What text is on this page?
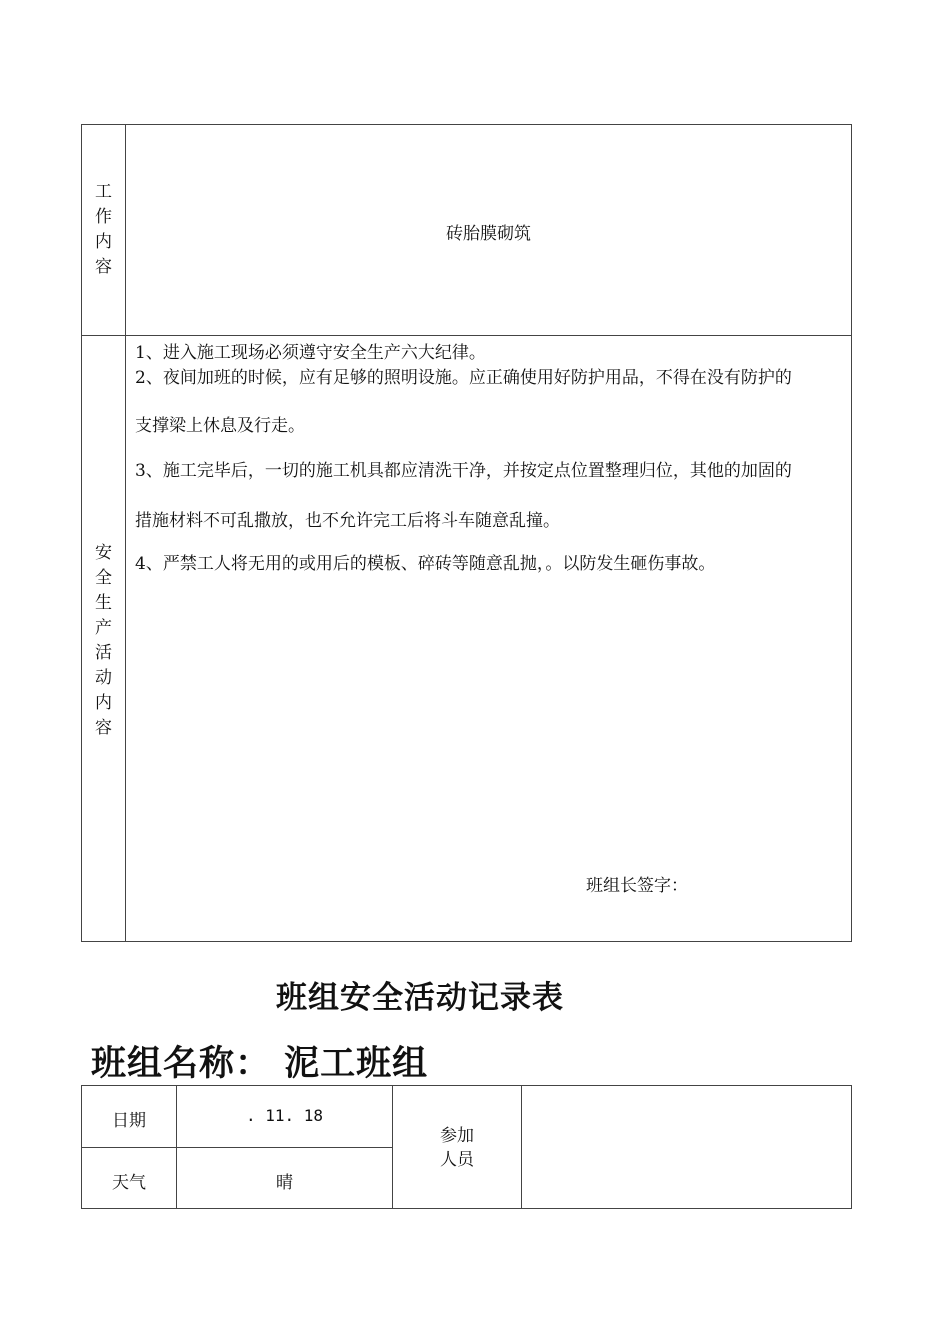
工
作
内
容
砖胎膜砌筑
安
全
生
产
活
动
内
容
1、进入施工现场必须遵守安全生产六大纪律。
2、夜间加班的时候，应有足够的照明设施。应正确使用好防护用品，不得在没有防护的
支撑梁上休息及行走。
3、施工完毕后，一切的施工机具都应清洗干净，并按定点位置整理归位，其他的加固的
措施材料不可乱撒放，也不允许完工后将斗车随意乱撞。
4、严禁工人将无用的或用后的模板、碎砖等随意乱抛，。以防发生砸伤事故。
班组长签字：
班组安全活动记录表
班组名称： 泥工班组
日期	. 11. 18
天气	晴
参加
人员
